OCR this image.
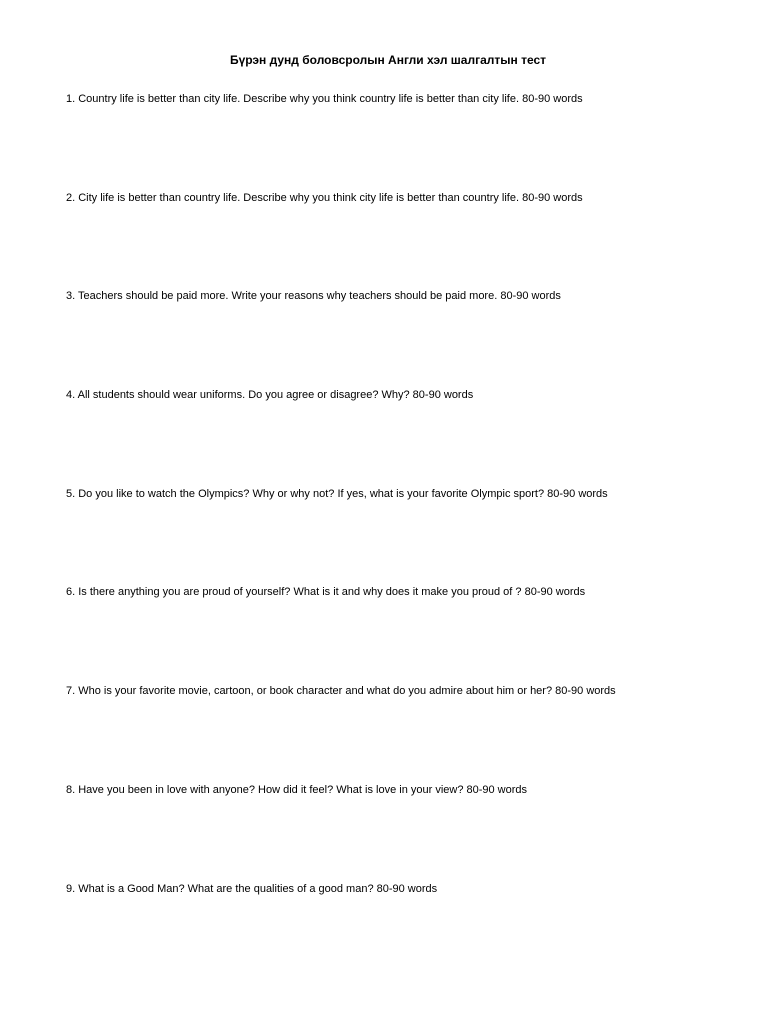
Бүрэн дунд боловсролын Англи хэл шалгалтын тест
1. Country life is better than city life. Describe why you think country life is better than city life. 80-90 words
2. City life is better than country life. Describe why you think city life is better than country life. 80-90 words
3. Teachers should be paid more. Write your reasons why teachers should be paid more. 80-90 words
4. All students should wear uniforms. Do you agree or disagree? Why? 80-90 words
5. Do you like to watch the Olympics? Why or why not? If yes, what is your favorite Olympic sport? 80-90 words
6. Is there anything you are proud of yourself? What is it and why does it make you proud of ? 80-90 words
7. Who is your favorite movie, cartoon, or book character and what do you admire about him or her? 80-90 words
8. Have you been in love with anyone? How did it feel? What is love in your view? 80-90 words
9. What is a Good Man? What are the qualities of a good man? 80-90 words
